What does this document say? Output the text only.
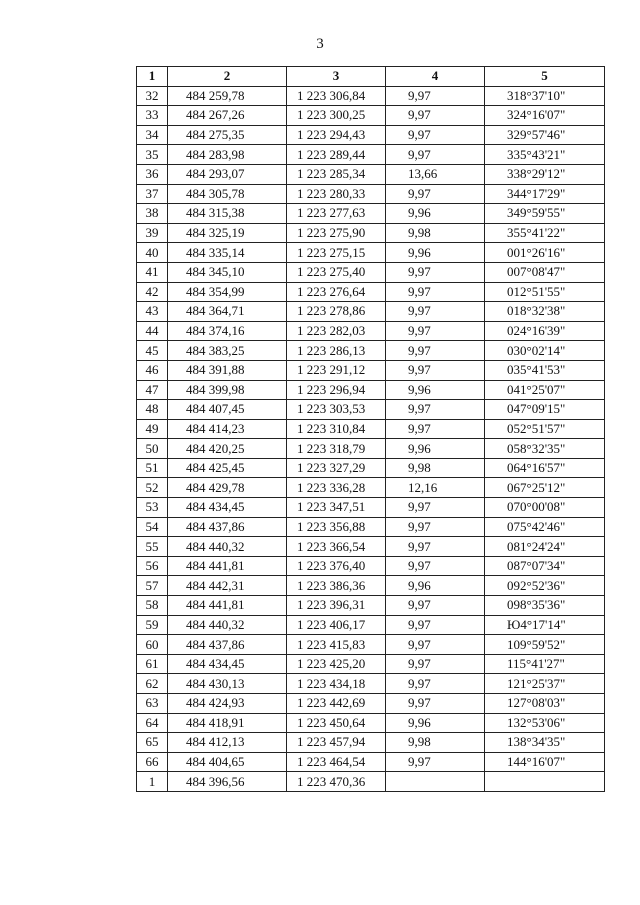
3
1	2	3	4	5
32	484 259,78	1 223 306,84	9,97	318°37'10"
33	484 267,26	1 223 300,25	9,97	324°16'07"
34	484 275,35	1 223 294,43	9,97	329°57'46"
35	484 283,98	1 223 289,44	9,97	335°43'21"
36	484 293,07	1 223 285,34	13,66	338°29'12"
37	484 305,78	1 223 280,33	9,97	344°17'29"
38	484 315,38	1 223 277,63	9,96	349°59'55"
39	484 325,19	1 223 275,90	9,98	355°41'22"
40	484 335,14	1 223 275,15	9,96	001°26'16"
41	484 345,10	1 223 275,40	9,97	007°08'47"
42	484 354,99	1 223 276,64	9,97	012°51'55"
43	484 364,71	1 223 278,86	9,97	018°32'38"
44	484 374,16	1 223 282,03	9,97	024°16'39"
45	484 383,25	1 223 286,13	9,97	030°02'14"
46	484 391,88	1 223 291,12	9,97	035°41'53"
47	484 399,98	1 223 296,94	9,96	041°25'07"
48	484 407,45	1 223 303,53	9,97	047°09'15"
49	484 414,23	1 223 310,84	9,97	052°51'57"
50	484 420,25	1 223 318,79	9,96	058°32'35"
51	484 425,45	1 223 327,29	9,98	064°16'57"
52	484 429,78	1 223 336,28	12,16	067°25'12"
53	484 434,45	1 223 347,51	9,97	070°00'08"
54	484 437,86	1 223 356,88	9,97	075°42'46"
55	484 440,32	1 223 366,54	9,97	081°24'24"
56	484 441,81	1 223 376,40	9,97	087°07'34"
57	484 442,31	1 223 386,36	9,96	092°52'36"
58	484 441,81	1 223 396,31	9,97	098°35'36"
59	484 440,32	1 223 406,17	9,97	Ю4°17'14"
60	484 437,86	1 223 415,83	9,97	109°59'52"
61	484 434,45	1 223 425,20	9,97	115°41'27"
62	484 430,13	1 223 434,18	9,97	121°25'37"
63	484 424,93	1 223 442,69	9,97	127°08'03"
64	484 418,91	1 223 450,64	9,96	132°53'06"
65	484 412,13	1 223 457,94	9,98	138°34'35"
66	484 404,65	1 223 464,54	9,97	144°16'07"
1	484 396,56	1 223 470,36		
